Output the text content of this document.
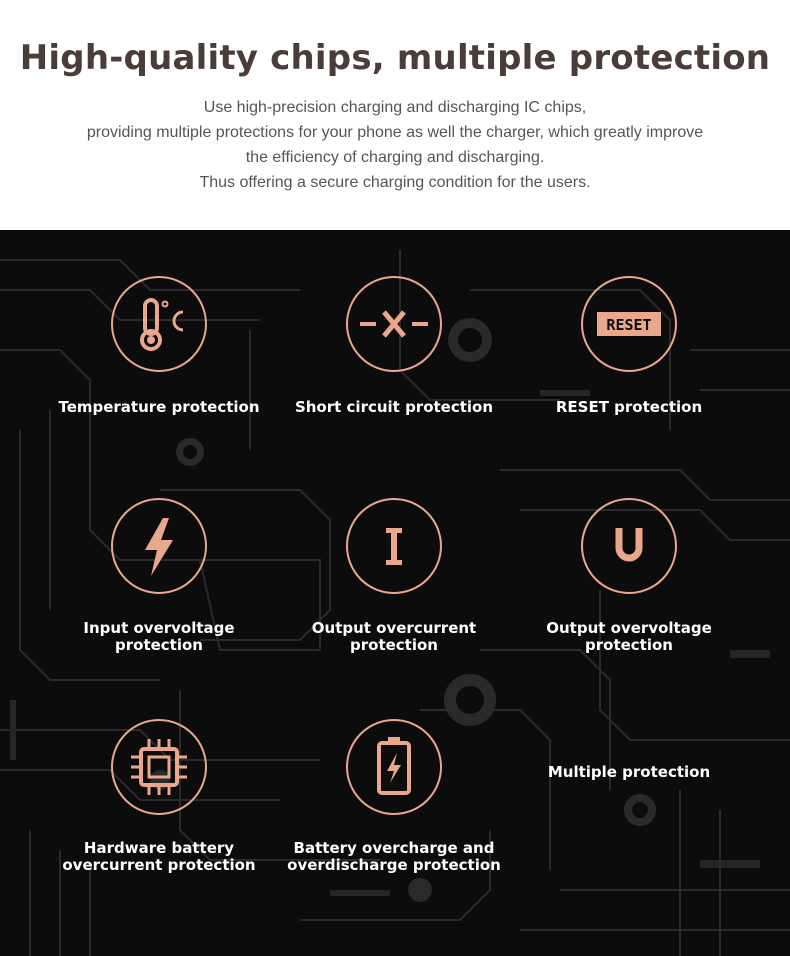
High-quality chips, multiple protection
Use high-precision charging and discharging IC chips,
providing multiple protections for your phone as well the charger, which greatly improve
the efficiency of charging and discharging.
Thus offering a secure charging condition for the users.
Temperature protection	Short circuit protection
RESET
RESET protection
Input overvoltage
protection
Output overcurrent
protection
Output overvoltage
protection
Hardware battery
overcurrent protection
Battery overcharge and
overdischarge protection
Multiple protection
